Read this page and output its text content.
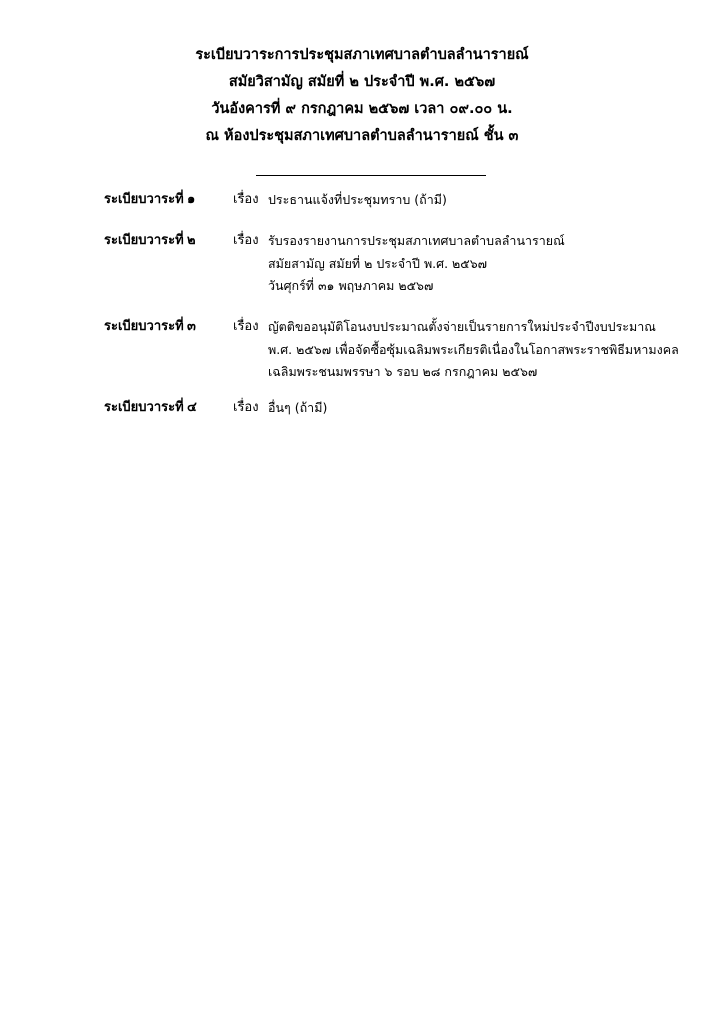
ระเบียบวาระการประชุมสภาเทศบาลตำบลลำนารายณ์
สมัยวิสามัญ สมัยที่ ๒ ประจำปี พ.ศ. ๒๕๖๗
วันอังคารที่ ๙ กรกฎาคม ๒๕๖๗ เวลา ๐๙.๐๐ น.
ณ ห้องประชุมสภาเทศบาลตำบลลำนารายณ์ ชั้น ๓
ระเบียบวาระที่ ๑	เรื่อง ประธานแจ้งที่ประชุมทราบ (ถ้ามี)
ระเบียบวาระที่ ๒	เรื่อง รับรองรายงานการประชุมสภาเทศบาลตำบลลำนารายณ์
สมัยสามัญ สมัยที่ ๒ ประจำปี พ.ศ. ๒๕๖๗
วันศุกร์ที่ ๓๑ พฤษภาคม ๒๕๖๗
ระเบียบวาระที่ ๓	เรื่อง ญัตติขออนุมัติโอนงบประมาณตั้งจ่ายเป็นรายการใหม่ประจำปีงบประมาณ
พ.ศ. ๒๕๖๗ เพื่อจัดซื้อซุ้มเฉลิมพระเกียรติเนื่องในโอกาสพระราชพิธีมหามงคล
เฉลิมพระชนมพรรษา ๖ รอบ ๒๘ กรกฎาคม ๒๕๖๗
ระเบียบวาระที่ ๔	เรื่อง อื่นๆ (ถ้ามี)
